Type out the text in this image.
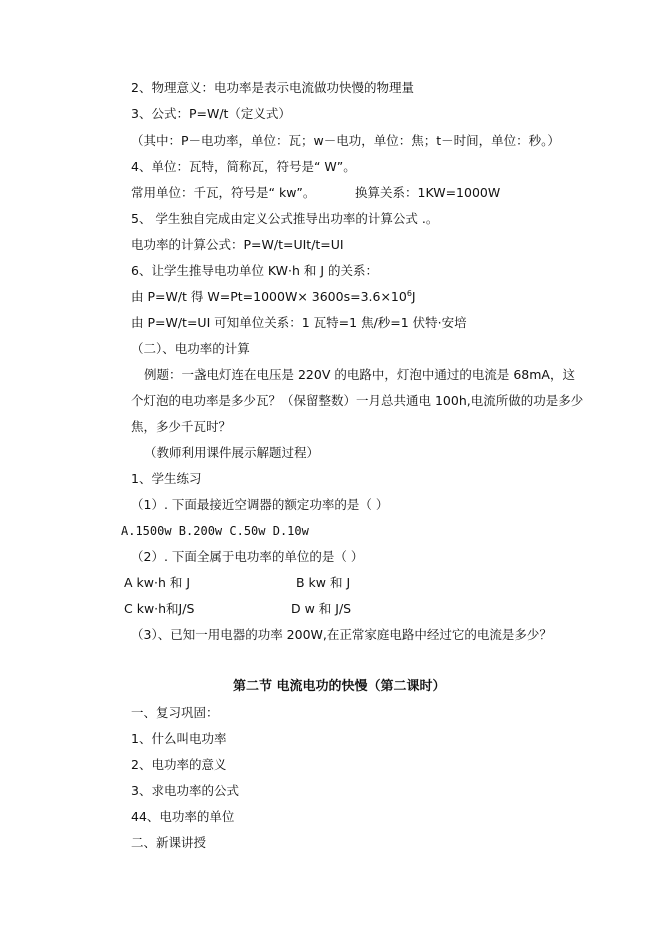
2、物理意义：电功率是表示电流做功快慢的物理量
3、公式：P=W/t（定义式）
（其中：P－电功率，单位：瓦；w－电功，单位：焦；t－时间，单位：秒。）
4、单位：瓦特，简称瓦，符号是“ W”。
常用单位：千瓦，符号是“ kw”。	换算关系：1KW=1000W
5、 学生独自完成由定义公式推导出功率的计算公式 .。
电功率的计算公式：P=W/t=UIt/t=UI
6、让学生推导电功单位 KW·h 和 J 的关系：
由 P=W/t 得 $W=Pt=1000W\times 3600s=3.6\times 10^6J$
由 P=W/t=UI 可知单位关系：1 瓦特=1 焦/秒=1 伏特·安培
（二）、电功率的计算
例题：一盏电灯连在电压是 220V 的电路中，灯泡中通过的电流是 68mA，这
个灯泡的电功率是多少瓦？（保留整数）一月总共通电 100h,电流所做的功是多少
焦，多少千瓦时？
（教师利用课件展示解题过程）
1、学生练习
（1）. 下面最接近空调器的额定功率的是（ ）
A.1500w B.200w C.50w D.10w
（2）. 下面全属于电功率的单位的是（ ）
A kw·h 和 J	B kw 和 J
C kw·h和J/S	D w 和 J/S
（3）、已知一用电器的功率 200W,在正常家庭电路中经过它的电流是多少？
第二节 电流电功的快慢（第二课时）
一、复习巩固：
1、什么叫电功率
2、电功率的意义
3、求电功率的公式
44、电功率的单位
二、新课讲授
